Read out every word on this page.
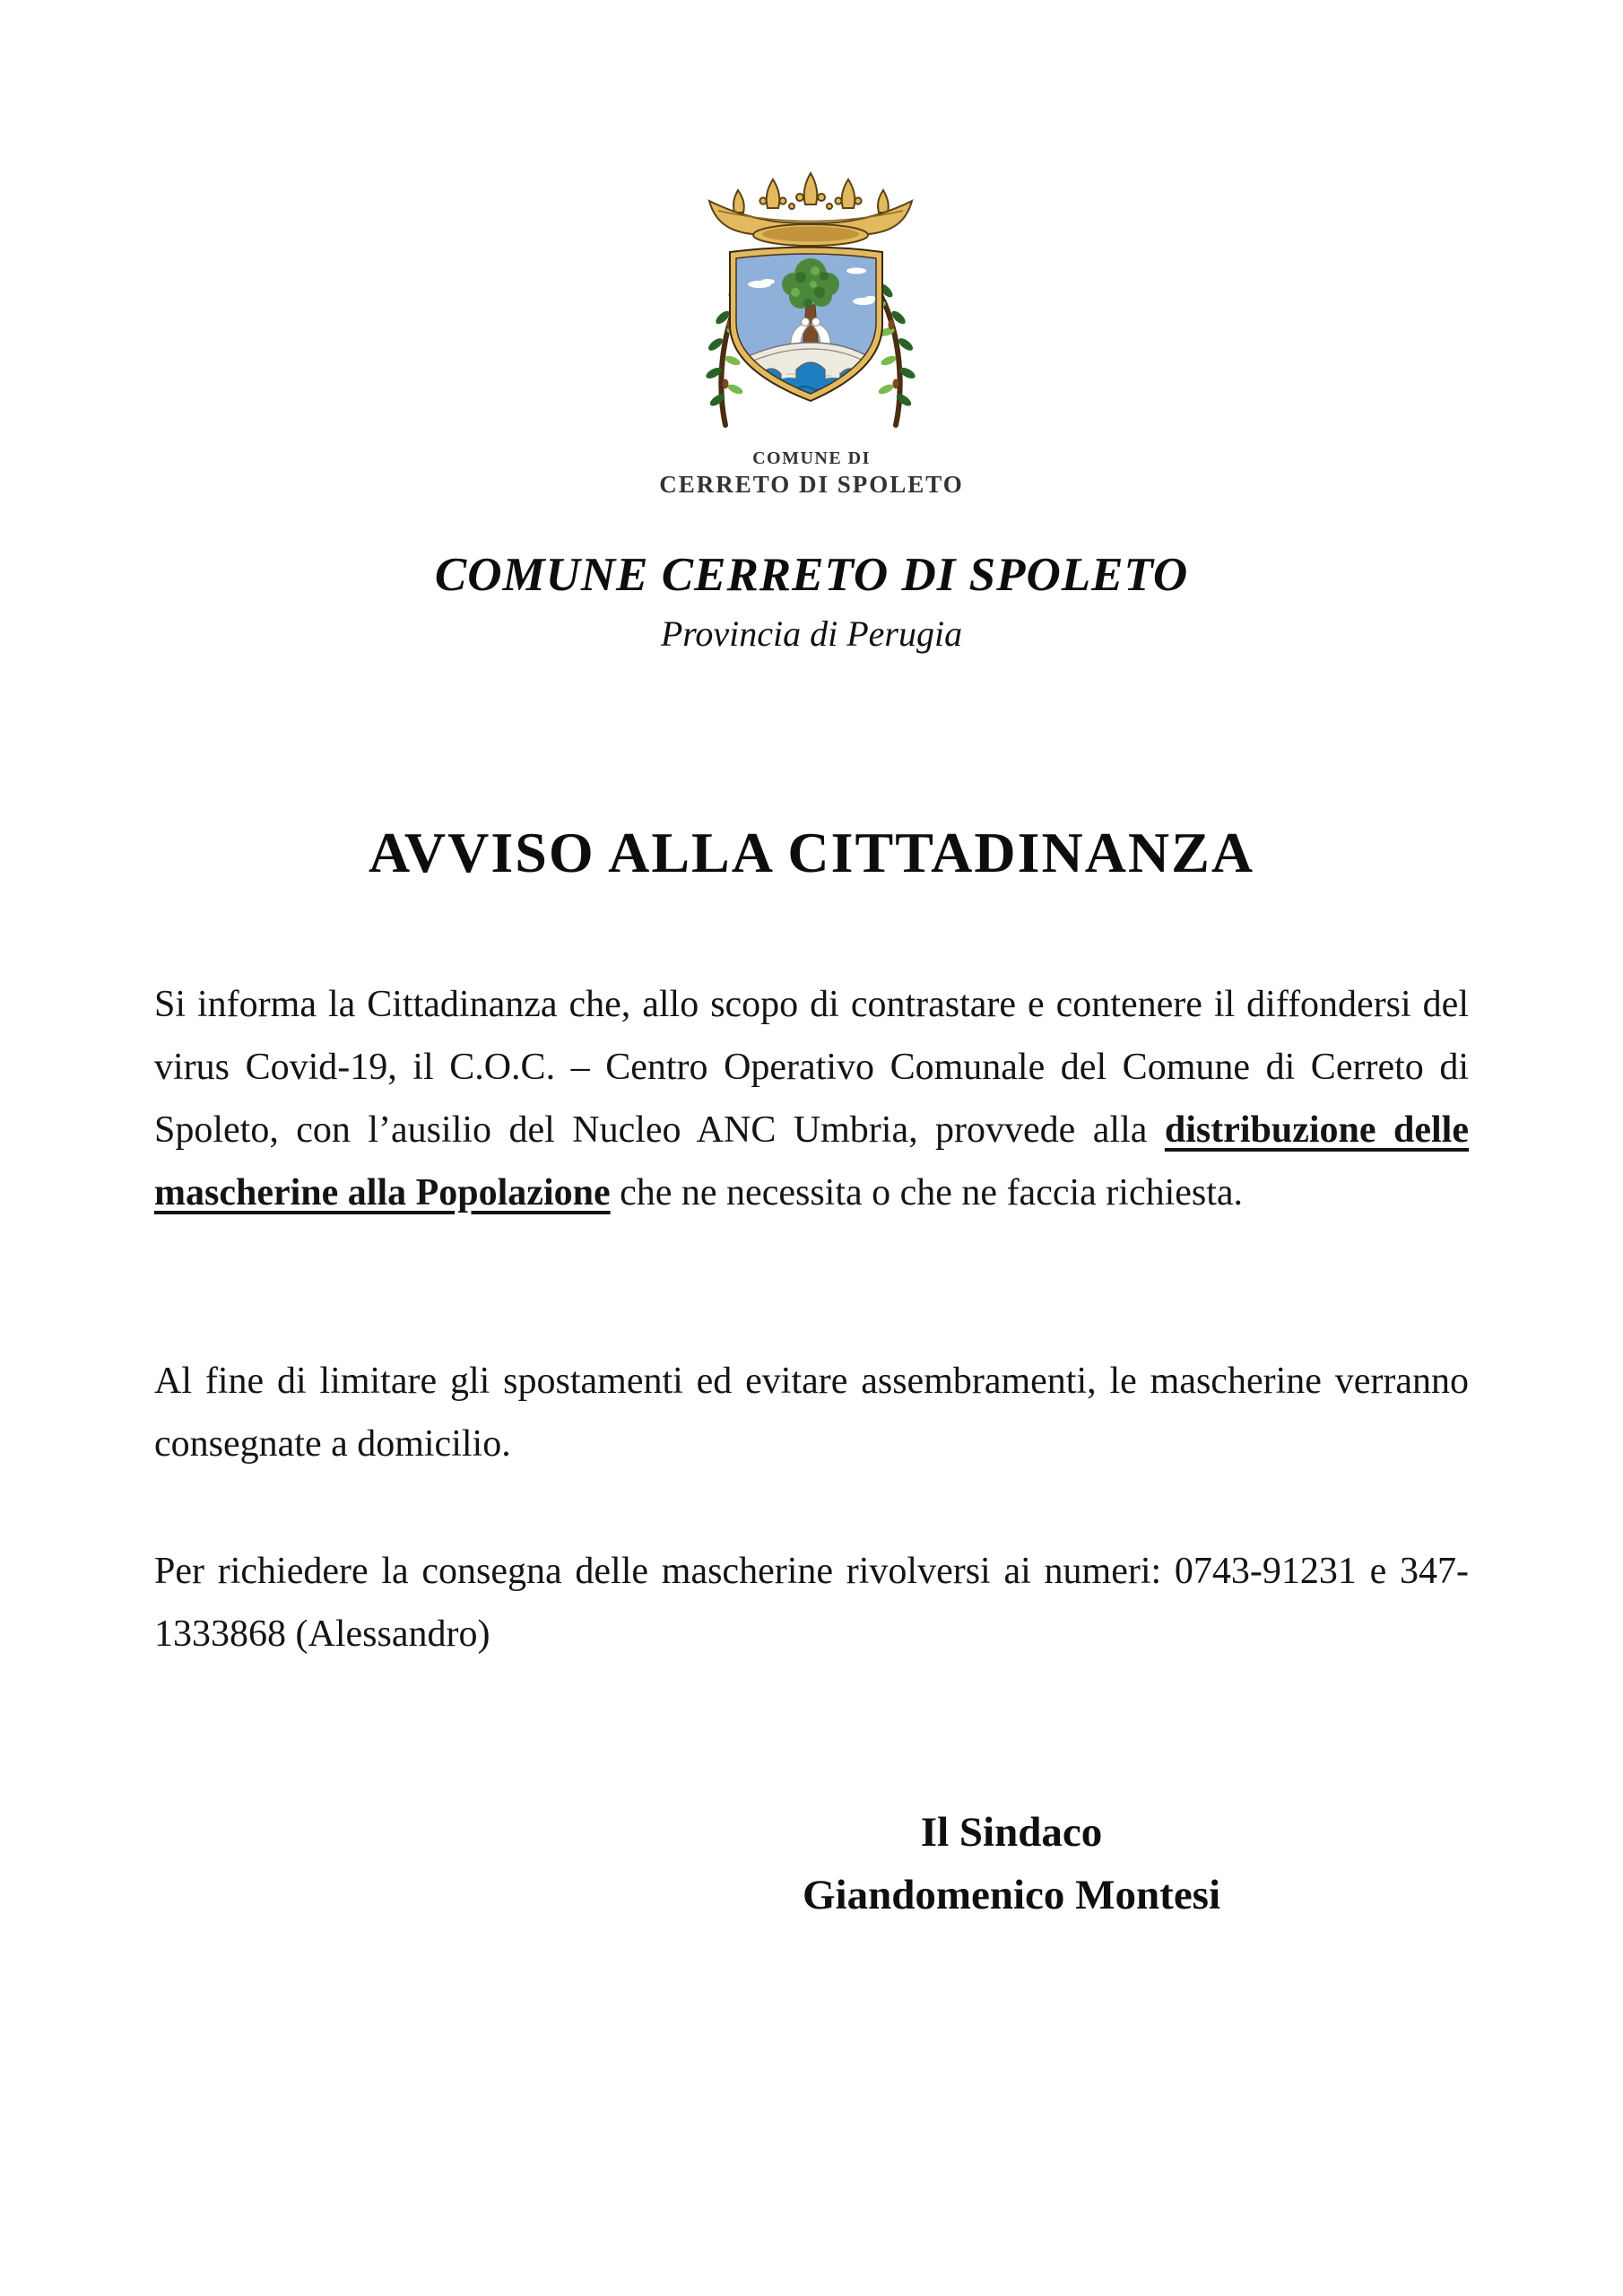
COMUNE DI
CERRETO DI SPOLETO
COMUNE CERRETO DI SPOLETO
Provincia di Perugia
AVVISO ALLA CITTADINANZA

Si informa la Cittadinanza che, allo scopo di contrastare e contenere il diffondersi del virus Covid-19, il C.O.C. – Centro Operativo Comunale del Comune di Cerreto di Spoleto, con l’ausilio del Nucleo ANC Umbria, provvede alla distribuzione delle mascherine alla Popolazione che ne necessita o che ne faccia richiesta.

Al fine di limitare gli spostamenti ed evitare assembramenti, le mascherine verranno consegnate a domicilio.

Per richiedere la consegna delle mascherine rivolversi ai numeri: 0743-91231 e 347-1333868 (Alessandro)

Il Sindaco
Giandomenico Montesi
